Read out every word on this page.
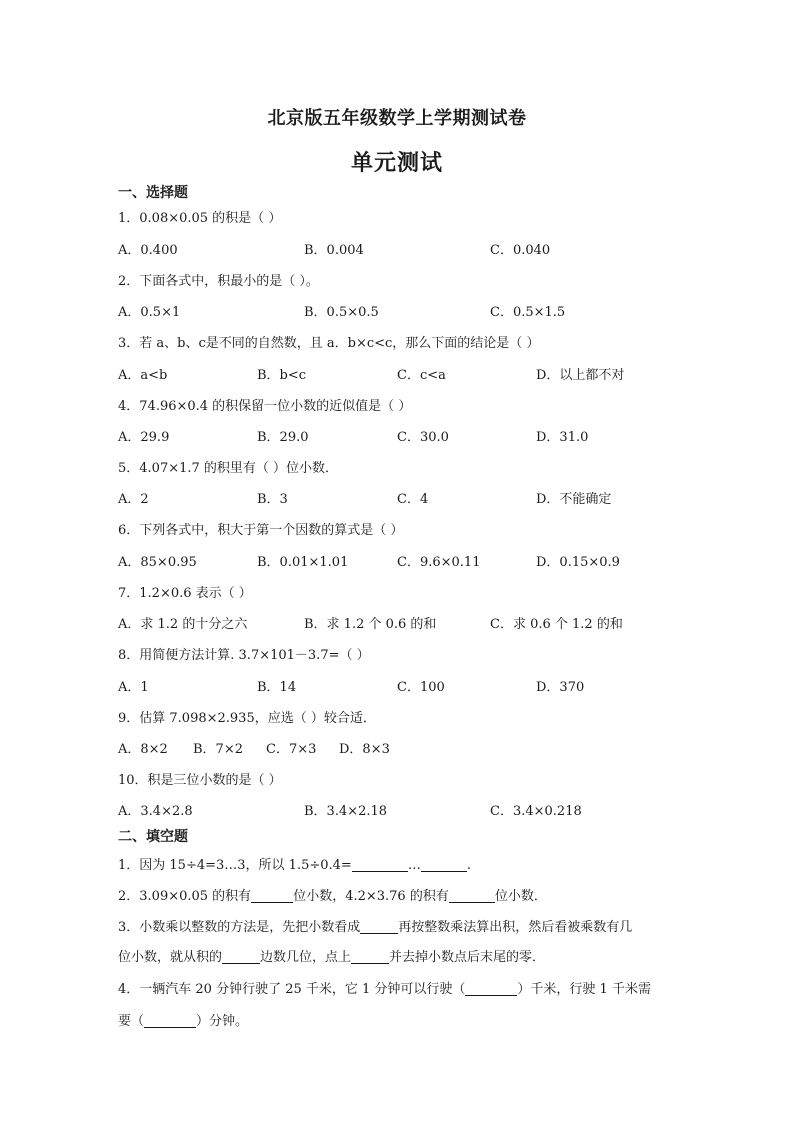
北京版五年级数学上学期测试卷
单元测试
一、选择题
1．0.08×0.05 的积是（ ）
A．0.400	B．0.004	C．0.040
2．下面各式中，积最小的是（ ）。
A．0.5×1	B．0.5×0.5	C．0.5×1.5
3．若 a、b、c是不同的自然数，且 a．b×c<c，那么下面的结论是（ ）
A．a<b	B．b<c	C．c<a	D．以上都不对
4．74.96×0.4 的积保留一位小数的近似值是（ ）
A．29.9	B．29.0	C．30.0	D．31.0
5．4.07×1.7 的积里有（ ）位小数．
A．2	B．3	C．4	D．不能确定
6．下列各式中，积大于第一个因数的算式是（ ）
A．85×0.95	B．0.01×1.01	C．9.6×0.11	D．0.15×0.9
7．1.2×0.6 表示（ ）
A．求 1.2 的十分之六	B．求 1.2 个 0.6 的和	C．求 0.6 个 1.2 的和
8．用简便方法计算. 3.7×101－3.7=（ ）
A．1	B．14	C．100	D．370
9．估算 7.098×2.935，应选（ ）较合适．
A．8×2 B．7×2 C．7×3 D．8×3
10．积是三位小数的是（ ）
A．3.4×2.8	B．3.4×2.18	C．3.4×0.218
二、填空题
1．因为 15÷4=3…3，所以 1.5÷0.4=	…	.
2．3.09×0.05 的积有	位小数，4.2×3.76 的积有	位小数．
3．小数乘以整数的方法是，先把小数看成	再按整数乘法算出积，然后看被乘数有几
位小数，就从积的	边数几位，点上	并去掉小数点后末尾的零．
4．一辆汽车 20 分钟行驶了 25 千米，它 1 分钟可以行驶（	）千米，行驶 1 千米需
要（	）分钟。
